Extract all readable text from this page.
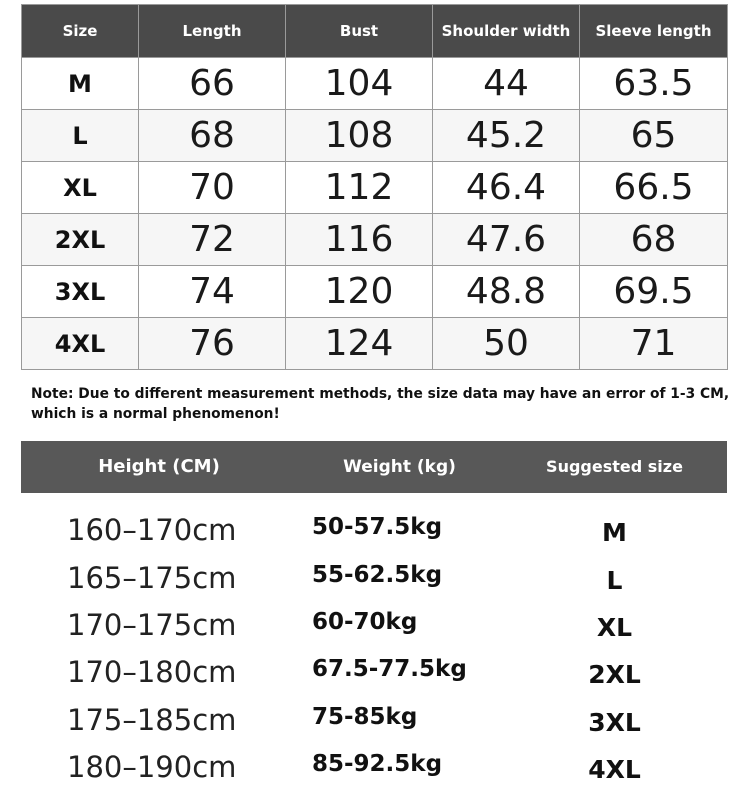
Size	Length	Bust	Shoulder width	Sleeve length
M	66	104	44	63.5
L	68	108	45.2	65
XL	70	112	46.4	66.5
2XL	72	116	47.6	68
3XL	74	120	48.8	69.5
4XL	76	124	50	71

Note: Due to different measurement methods, the size data may have an error of 1-3 CM, which is a normal phenomenon!

Height (CM)	Weight (kg)	Suggested size
160–170cm	50-57.5kg	M
165–175cm	55-62.5kg	L
170–175cm	60-70kg	XL
170–180cm	67.5-77.5kg	2XL
175–185cm	75-85kg	3XL
180–190cm	85-92.5kg	4XL
